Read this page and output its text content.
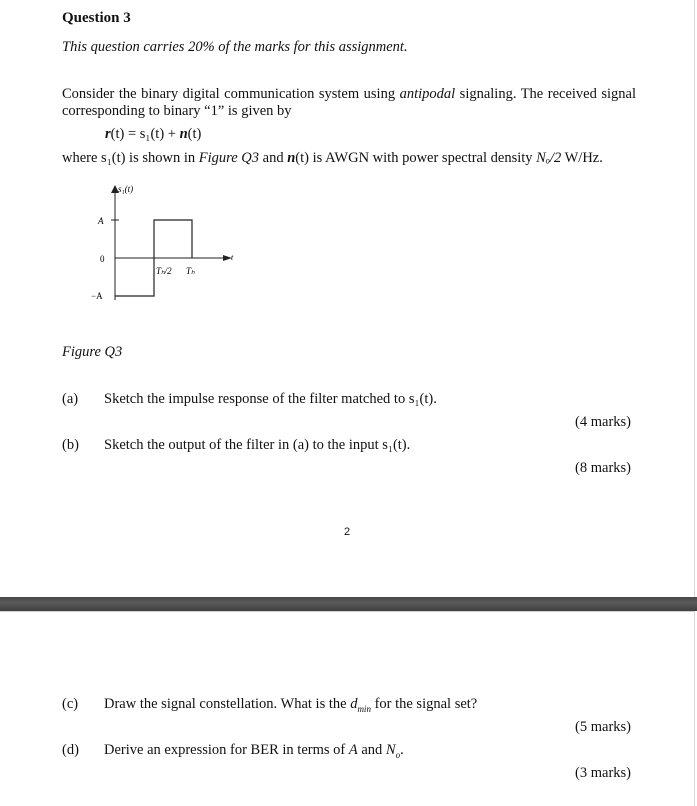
Question 3
This question carries 20% of the marks for this assignment.
Consider the binary digital communication system using antipodal signaling. The received signal corresponding to binary “1” is given by
r(t) = s₁(t) + n(t)
where s₁(t) is shown in Figure Q3 and n(t) is AWGN with power spectral density Nₒ/2 W/Hz.
s₁(t)
t
A
0
−A
Tₕ/2 Tₕ
Figure Q3
(a) Sketch the impulse response of the filter matched to s₁(t).
(4 marks)
(b) Sketch the output of the filter in (a) to the input s₁(t).
(8 marks)
2
(c) Draw the signal constellation. What is the $d_{min}$ for the signal set?
(5 marks)
(d) Derive an expression for BER in terms of A and $N_o$.
(3 marks)
